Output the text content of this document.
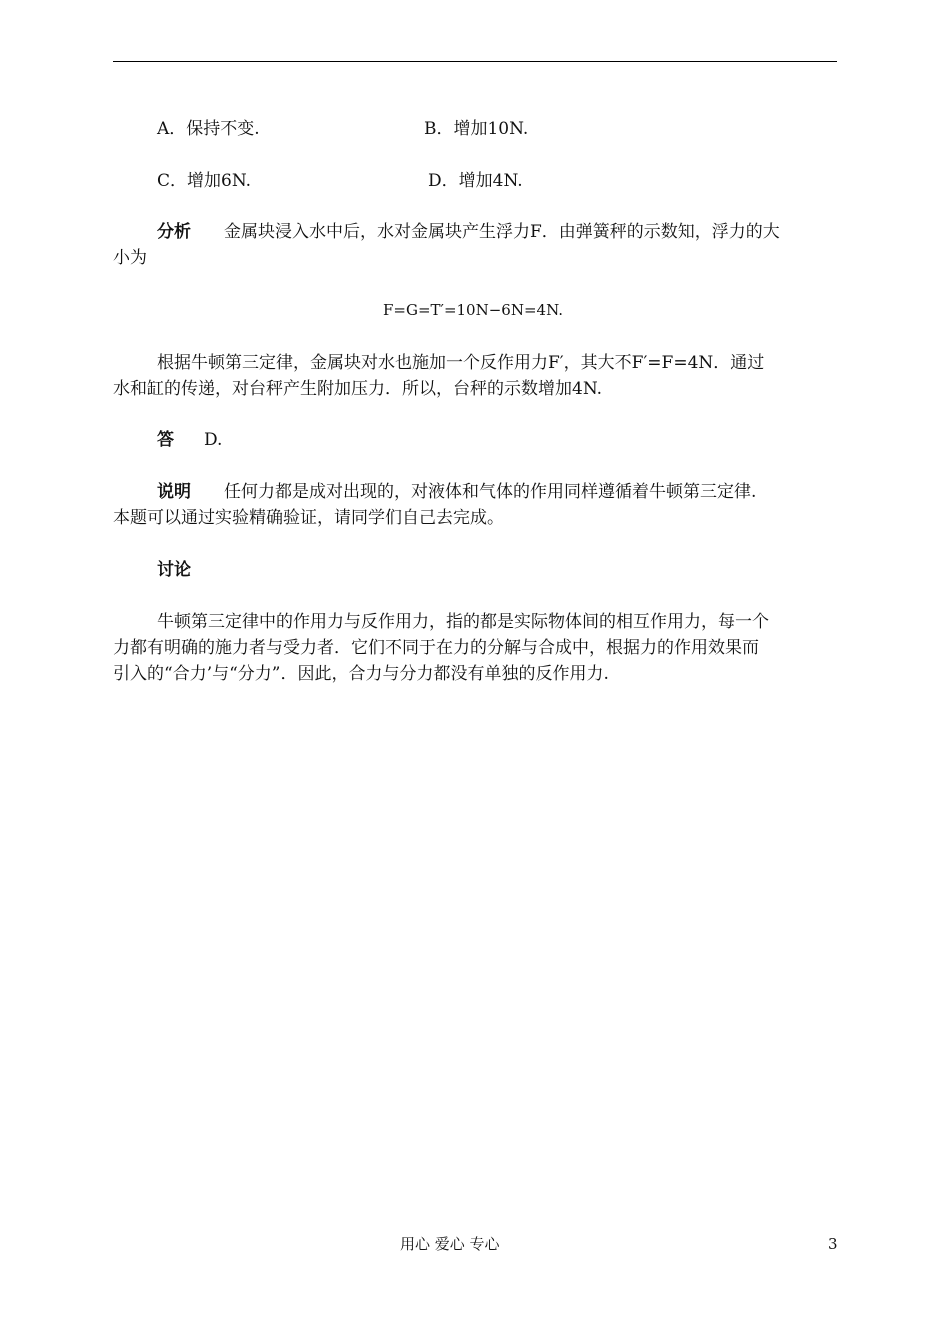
A．保持不变.	B．增加10N.
C．增加6N.	D．增加4N.
分析 金属块浸入水中后，水对金属块产生浮力F．由弹簧秤的示数知，浮力的大
小为
F=G=T′=10N−6N=4N.
根据牛顿第三定律，金属块对水也施加一个反作用力F′，其大不F′=F=4N．通过
水和缸的传递，对台秤产生附加压力．所以，台秤的示数增加4N.
答 D.
说明 任何力都是成对出现的，对液体和气体的作用同样遵循着牛顿第三定律.
本题可以通过实验精确验证，请同学们自己去完成。
讨论
牛顿第三定律中的作用力与反作用力，指的都是实际物体间的相互作用力，每一个
力都有明确的施力者与受力者．它们不同于在力的分解与合成中，根据力的作用效果而
引入的“合力’与“分力”．因此，合力与分力都没有单独的反作用力.
用心 爱心 专心	3
